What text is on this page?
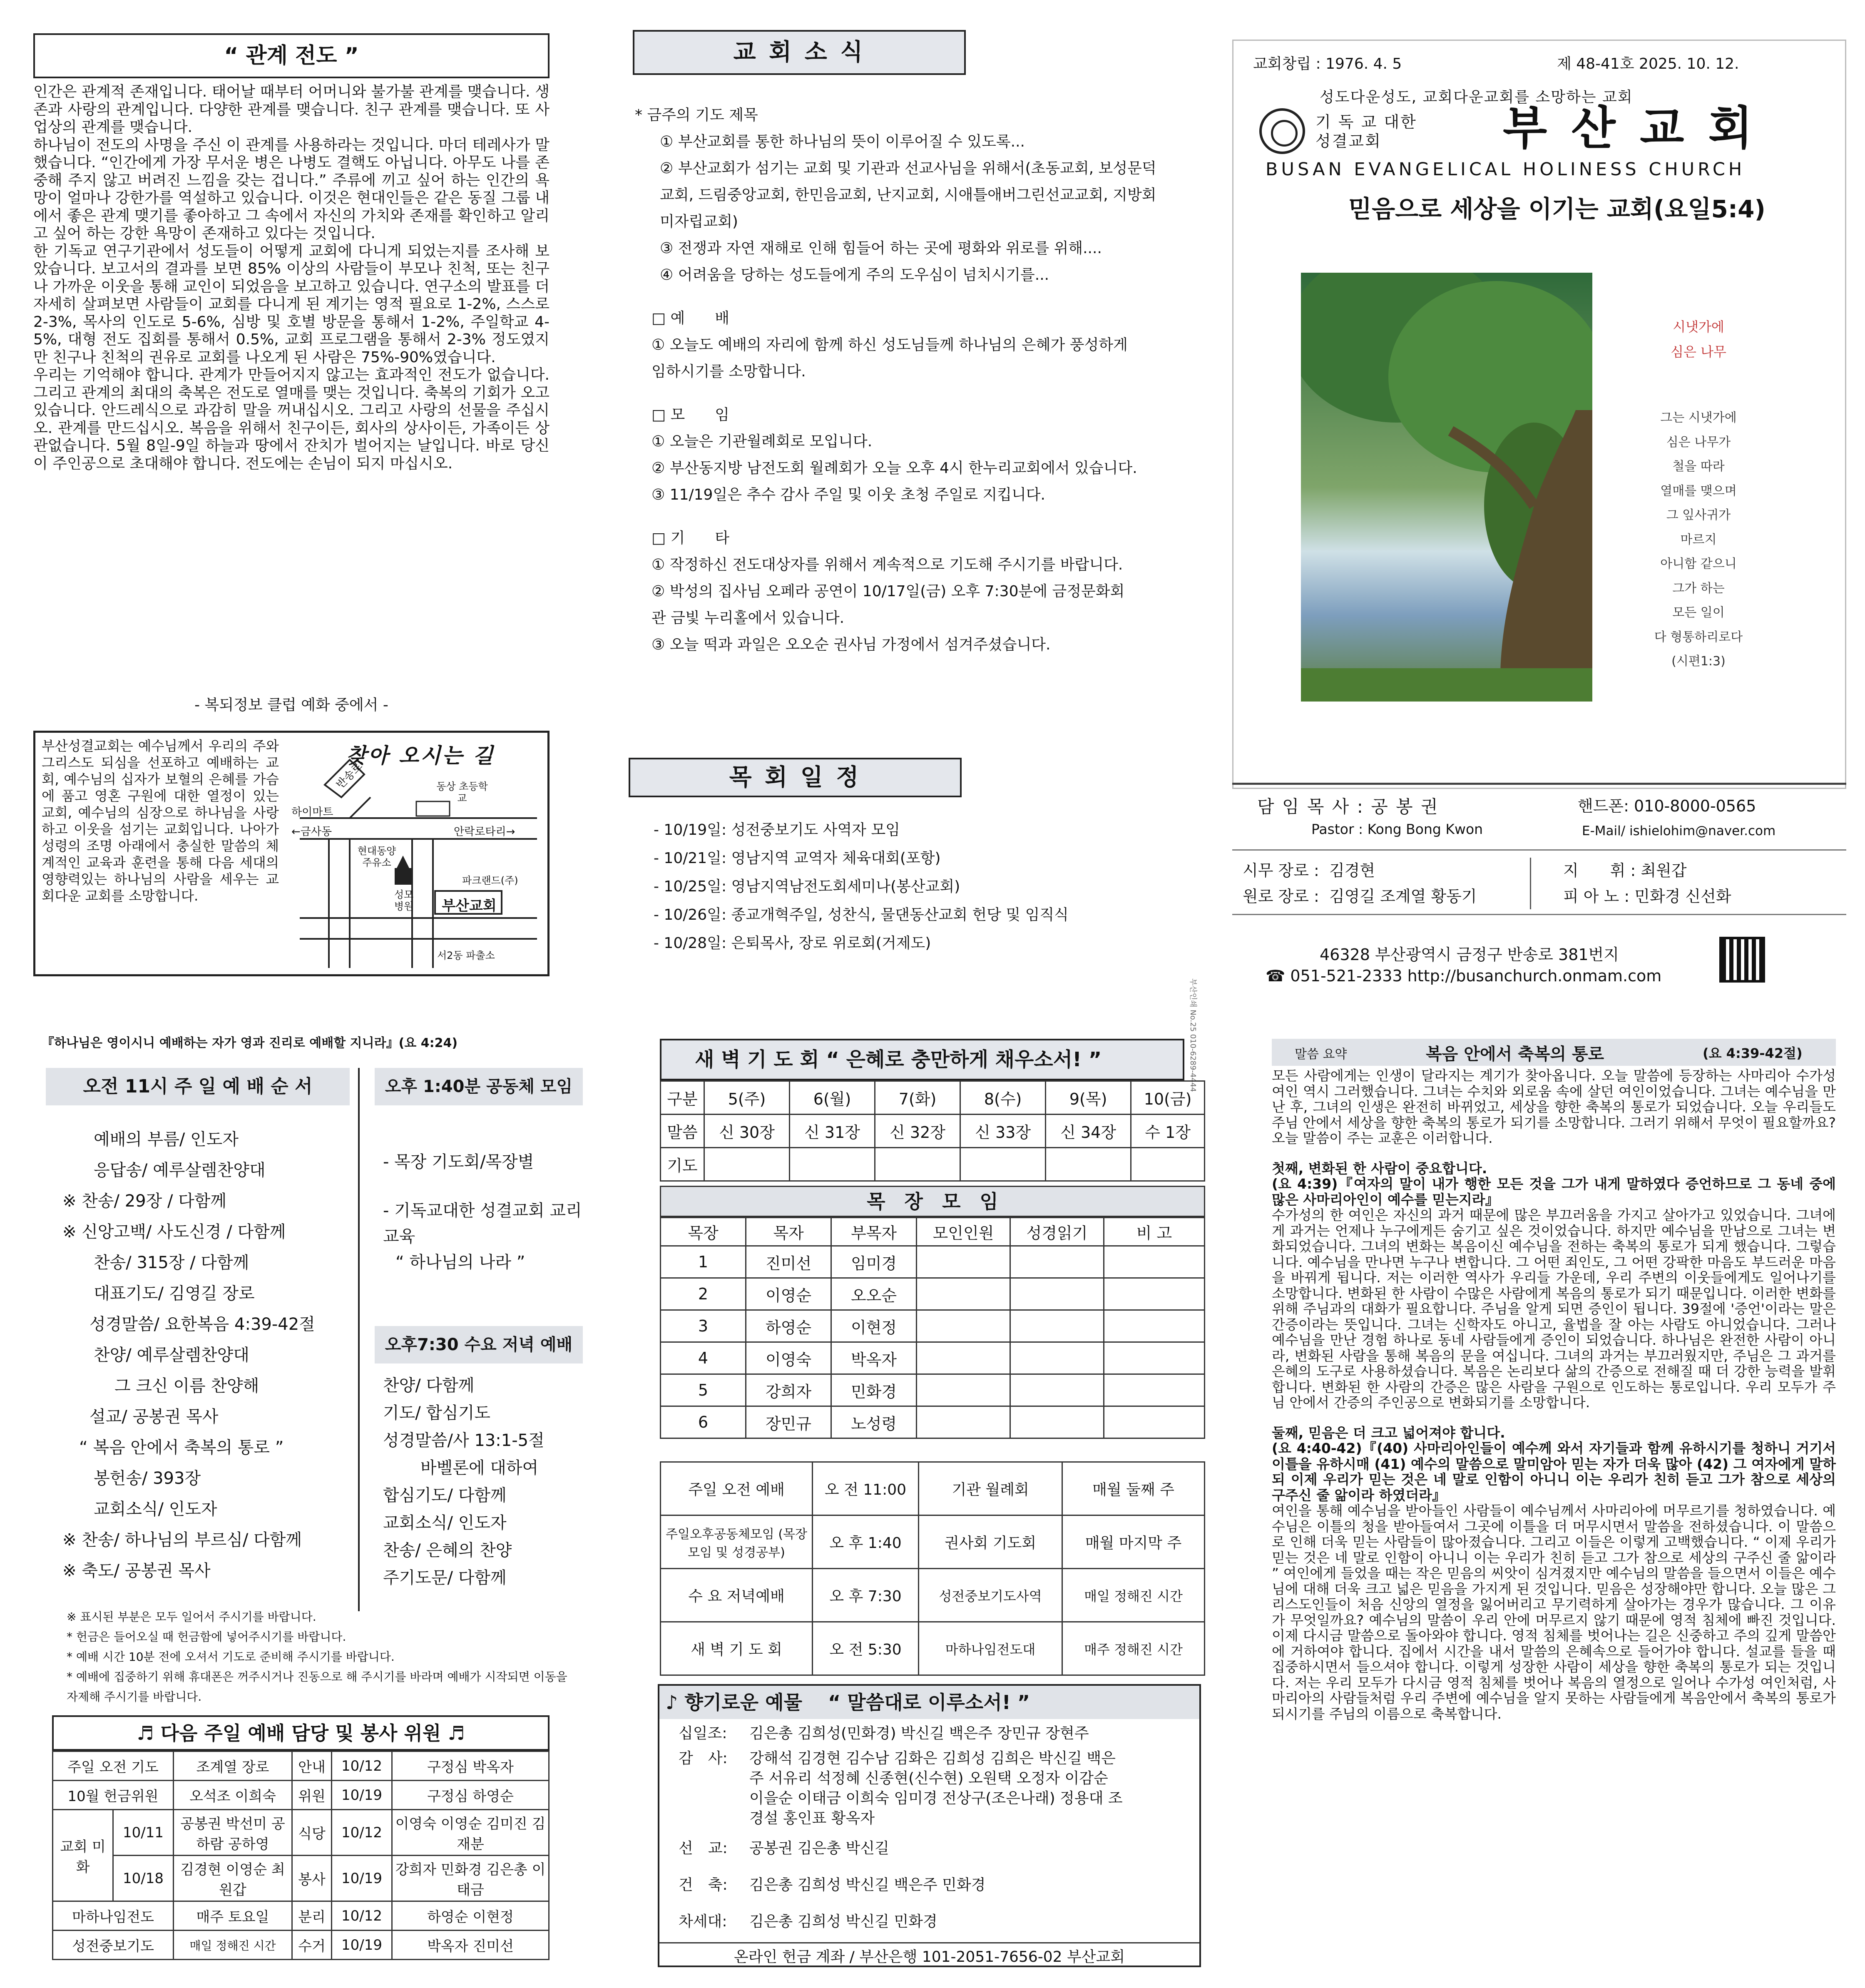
“ 관계 전도 ”

인간은 관계적 존재입니다. 태어날 때부터 어머니와 불가불 관계를 맺습니다. 생존과 사랑의 관계입니다. 다양한 관계를 맺습니다. 친구 관계를 맺습니다. 또 사업상의 관계를 맺습니다.

하나님이 전도의 사명을 주신 이 관계를 사용하라는 것입니다. 마더 테레사가 말했습니다. “인간에게 가장 무서운 병은 나병도 결핵도 아닙니다. 아무도 나를 존중해 주지 않고 버려진 느낌을 갖는 겁니다.” 주류에 끼고 싶어 하는 인간의 욕망이 얼마나 강한가를 역설하고 있습니다. 이것은 현대인들은 같은 동질 그룹 내에서 좋은 관계 맺기를 좋아하고 그 속에서 자신의 가치와 존재를 확인하고 알리고 싶어 하는 강한 욕망이 존재하고 있다는 것입니다.

한 기독교 연구기관에서 성도들이 어떻게 교회에 다니게 되었는지를 조사해 보았습니다. 보고서의 결과를 보면 85% 이상의 사람들이 부모나 친척, 또는 친구나 가까운 이웃을 통해 교인이 되었음을 보고하고 있습니다. 연구소의 발표를 더 자세히 살펴보면 사람들이 교회를 다니게 된 계기는 영적 필요로 1-2%, 스스로 2-3%, 목사의 인도로 5-6%, 심방 및 호별 방문을 통해서 1-2%, 주일학교 4-5%, 대형 전도 집회를 통해서 0.5%, 교회 프로그램을 통해서 2-3% 정도였지만 친구나 친척의 권유로 교회를 나오게 된 사람은 75%-90%였습니다.

우리는 기억해야 합니다. 관계가 만들어지지 않고는 효과적인 전도가 없습니다. 그리고 관계의 최대의 축복은 전도로 열매를 맺는 것입니다. 축복의 기회가 오고 있습니다. 안드레식으로 과감히 말을 꺼내십시오. 그리고 사랑의 선물을 주십시오. 관계를 만드십시오. 복음을 위해서 친구이든, 회사의 상사이든, 가족이든 상관없습니다. 5월 8일-9일 하늘과 땅에서 잔치가 벌어지는 날입니다. 바로 당신이 주인공으로 초대해야 합니다. 전도에는 손님이 되지 마십시오.

- 복되정보 클럽 예화 중에서 -
부산성결교회는 예수님께서 우리의 주와 그리스도 되심을 선포하고 예배하는 교회, 예수님의 십자가 보혈의 은혜를 가슴에 품고 영혼 구원에 대한 열정이 있는 교회, 예수님의 심장으로 하나님을 사랑하고 이웃을 섬기는 교회입니다. 나아가 성령의 조명 아래에서 충실한 말씀의 체계적인 교육과 훈련을 통해 다음 세대의 영향력있는 하나님의 사람을 세우는 교회다운 교회를 소망합니다.
찾아 오시는 길
반송로
하이마트
←금사동
동상 초등학교
안락로타리→
현대동양 주유소
성모 병원
파크랜드(주)
부산교회
서2동 파출소
교 회 소 식
* 금주의 기도 제목
① 부산교회를 통한 하나님의 뜻이 이루어질 수 있도록...
② 부산교회가 섬기는 교회 및 기관과 선교사님을 위해서(초동교회, 보성문덕교회, 드림중앙교회, 한민음교회, 난지교회, 시애틀애버그린선교교회, 지방회 미자립교회)
③ 전쟁과 자연 재해로 인해 힘들어 하는 곳에 평화와 위로를 위해....
④ 어려움을 당하는 성도들에게 주의 도우심이 넘치시기를...
□ 예　　배
① 오늘도 예배의 자리에 함께 하신 성도님들께 하나님의 은혜가 풍성하게 임하시기를 소망합니다.
□ 모　　임
① 오늘은 기관월례회로 모입니다.
② 부산동지방 남전도회 월례회가 오늘 오후 4시 한누리교회에서 있습니다.
③ 11/19일은 추수 감사 주일 및 이웃 초청 주일로 지킵니다.
□ 기　　타
① 작정하신 전도대상자를 위해서 계속적으로 기도해 주시기를 바랍니다.
② 박성의 집사님 오페라 공연이 10/17일(금) 오후 7:30분에 금정문화회관 금빛 누리홀에서 있습니다.
③ 오늘 떡과 과일은 오오순 권사님 가정에서 섬겨주셨습니다.
목 회 일 정
- 10/19일: 성전중보기도 사역자 모임
- 10/21일: 영남지역 교역자 체육대회(포항)
- 10/25일: 영남지역남전도회세미나(봉산교회)
- 10/26일: 종교개혁주일, 성찬식, 물댄동산교회 헌당 및 임직식
- 10/28일: 은퇴목사, 장로 위로회(거제도)
교회창립 : 1976. 4. 5	제 48-41호 2025. 10. 12.
성도다운성도, 교회다운교회를 소망하는 교회
기 독 교 대한성결교회	부 산 교 회
BUSAN EVANGELICAL HOLINESS CHURCH
믿음으로 세상을 이기는 교회(요일5:4)
시냇가에
심은 나무
그는 시냇가에
심은 나무가
철을 따라
열매를 맺으며
그 잎사귀가
마르지
아니함 같으니
그가 하는
모든 일이
다 형통하리로다
(시편1:3)
담 임 목 사 : 공 봉 권	핸드폰: 010-8000-0565
Pastor : Kong Bong Kwon	E-Mail/ ishielohim@naver.com
시무 장로 : 김경현
원로 장로 : 김영길 조계열 황동기
지　　휘 : 최원갑
피 아 노 : 민화경 신선화
46328 부산광역시 금정구 반송로 381번지
☎ 051-521-2333 http://busanchurch.onmam.com
부산인쇄 No.25 010-6289-4444
『하나님은 영이시니 예배하는 자가 영과 진리로 예배할 지니라』(요 4:24)
오전 11시 주 일 예 배 순 서
예배의 부름/ 인도자
응답송/ 예루살렘찬양대
※ 찬송/ 29장 / 다함께
※ 신앙고백/ 사도신경 / 다함께
찬송/ 315장 / 다함께
대표기도/ 김영길 장로
성경말씀/ 요한복음 4:39-42절
찬양/ 예루살렘찬양대
그 크신 이름 찬양해
설교/ 공봉권 목사
“ 복음 안에서 축복의 통로 ”
봉헌송/ 393장
교회소식/ 인도자
※ 찬송/ 하나님의 부르심/ 다함께
※ 축도/ 공봉권 목사
오후 1:40분 공동체 모임
- 목장 기도회/목장별
- 기독교대한 성결교회 교리 교육
“ 하나님의 나라 ”
오후7:30 수요 저녁 예배
찬양/ 다함께
기도/ 합심기도
성경말씀/사 13:1-5절
바벨론에 대하여
합심기도/ 다함께
교회소식/ 인도자
찬송/ 은혜의 찬양
주기도문/ 다함께
※ 표시된 부분은 모두 일어서 주시기를 바랍니다.
* 헌금은 들어오실 때 헌금함에 넣어주시기를 바랍니다.
* 예배 시간 10분 전에 오셔서 기도로 준비해 주시기를 바랍니다.
* 예배에 집중하기 위해 휴대폰은 꺼주시거나 진동으로 해 주시기를 바라며 예배가 시작되면 이동을 자제해 주시기를 바랍니다.
♬ 다음 주일 예배 담당 및 봉사 위원 ♬
주일 오전 기도		조계열 장로	안내	10/12	구정심 박옥자
10월 헌금위원		오석조 이희숙	위원	10/19	구정심 하영순
교회 미화	10/11	공봉권 박선미 공하람 공하영	식당	10/12	이영숙 이영순 김미진 김재분
	10/18	김경현 이영순 최원갑	봉사	10/19	강희자 민화경 김은총 이태금
마하나임전도		매주 토요일	분리	10/12	하영순 이현정
성전중보기도		매일 정해진 시간	수거	10/19	박옥자 진미선
새 벽 기 도 회 “ 은혜로 충만하게 채우소서! ”
구분	5(주)	6(월)	7(화)	8(수)	9(목)	10(금)
말씀	신 30장	신 31장	신 32장	신 33장	신 34장	수 1장
기도						
목　장　모　임
목장	목자	부목자	모인인원	성경읽기	비 고
1	진미선	임미경			
2	이영순	오오순			
3	하영순	이현정			
4	이영숙	박옥자			
5	강희자	민화경			
6	장민규	노성령			
주일 오전 예배	오 전 11:00	기관 월례회	매월 둘째 주
주일오후공동체모임 (목장모임 및 성경공부)	오 후 1:40	권사회 기도회	매월 마지막 주
수 요 저녁예배	오 후 7:30	성전중보기도사역	매일 정해진 시간
새 벽 기 도 회	오 전 5:30	마하나임전도대	매주 정해진 시간
♪ 향기로운 예물　 “ 말씀대로 이루소서! ”
십일조:	김은총 김희성(민화경) 박신길 백은주 장민규 장현주
감　사:	강해석 김경현 김수남 김화은 김희성 김희은 박신길 백은주 서유리 석정혜 신종현(신수현) 오원택 오정자 이감순 이을순 이태금 이희숙 임미경 전상구(조은나래) 정용대 조경설 홍인표 황옥자
선　교:	공봉권 김은총 박신길
건　축:	김은총 김희성 박신길 백은주 민화경
차세대:	김은총 김희성 박신길 민화경
온라인 헌금 계좌 / 부산은행 101-2051-7656-02 부산교회
말씀 요약	복음 안에서 축복의 통로	(요 4:39-42절)

모든 사람에게는 인생이 달라지는 계기가 찾아옵니다. 오늘 말씀에 등장하는 사마리아 수가성 여인 역시 그러했습니다. 그녀는 수치와 외로움 속에 살던 여인이었습니다. 그녀는 예수님을 만난 후, 그녀의 인생은 완전히 바뀌었고, 세상을 향한 축복의 통로가 되었습니다. 오늘 우리들도 주님 안에서 세상을 향한 축복의 통로가 되기를 소망합니다. 그러기 위해서 무엇이 필요할까요? 오늘 말씀이 주는 교훈은 이러합니다.

첫째, 변화된 한 사람이 중요합니다.

(요 4:39)『여자의 말이 내가 행한 모든 것을 그가 내게 말하였다 증언하므로 그 동네 중에 많은 사마리아인이 예수를 믿는지라』

수가성의 한 여인은 자신의 과거 때문에 많은 부끄러움을 가지고 살아가고 있었습니다. 그녀에게 과거는 언제나 누구에게든 숨기고 싶은 것이었습니다. 하지만 예수님을 만남으로 그녀는 변화되었습니다. 그녀의 변화는 복음이신 예수님을 전하는 축복의 통로가 되게 했습니다. 그렇습니다. 예수님을 만나면 누구나 변합니다. 그 어떤 죄인도, 그 어떤 강팍한 마음도 부드러운 마음을 바꿔게 됩니다. 저는 이러한 역사가 우리들 가운데, 우리 주변의 이웃들에게도 일어나기를 소망합니다. 변화된 한 사람이 수많은 사람에게 복음의 통로가 되기 때문입니다. 이러한 변화를 위해 주님과의 대화가 필요합니다. 주님을 알게 되면 증인이 됩니다. 39절에 '증언'이라는 말은 간증이라는 뜻입니다. 그녀는 신학자도 아니고, 율법을 잘 아는 사람도 아니었습니다. 그러나 예수님을 만난 경험 하나로 동네 사람들에게 증인이 되었습니다. 하나님은 완전한 사람이 아니라, 변화된 사람을 통해 복음의 문을 여십니다. 그녀의 과거는 부끄러웠지만, 주님은 그 과거를 은혜의 도구로 사용하셨습니다. 복음은 논리보다 삶의 간증으로 전해질 때 더 강한 능력을 발휘합니다. 변화된 한 사람의 간증은 많은 사람을 구원으로 인도하는 통로입니다. 우리 모두가 주님 안에서 간증의 주인공으로 변화되기를 소망합니다.

둘째, 믿음은 더 크고 넓어져야 합니다.

(요 4:40-42)『(40) 사마리아인들이 예수께 와서 자기들과 함께 유하시기를 청하니 거기서 이틀을 유하시매 (41) 예수의 말씀으로 말미암아 믿는 자가 더욱 많아 (42) 그 여자에게 말하되 이제 우리가 믿는 것은 네 말로 인함이 아니니 이는 우리가 친히 듣고 그가 참으로 세상의 구주신 줄 앎이라 하였더라』

여인을 통해 예수님을 받아들인 사람들이 예수님께서 사마리아에 머무르기를 청하였습니다. 예수님은 이틀의 청을 받아들여서 그곳에 이틀을 더 머무시면서 말씀을 전하셨습니다. 이 말씀으로 인해 더욱 믿는 사람들이 많아졌습니다. 그리고 이들은 이렇게 고백했습니다. “ 이제 우리가 믿는 것은 네 말로 인함이 아니니 이는 우리가 친히 듣고 그가 참으로 세상의 구주신 줄 앎이라 ” 여인에게 들었을 때는 작은 믿음의 씨앗이 심겨졌지만 예수님의 말씀을 들으면서 이들은 예수님에 대해 더욱 크고 넓은 믿음을 가지게 된 것입니다. 믿음은 성장해야만 합니다. 오늘 많은 그리스도인들이 처음 신앙의 열정을 잃어버리고 무기력하게 살아가는 경우가 많습니다. 그 이유가 무엇일까요? 예수님의 말씀이 우리 안에 머무르지 않기 때문에 영적 침체에 빠진 것입니다. 이제 다시금 말씀으로 돌아와야 합니다. 영적 침체를 벗어나는 길은 신중하고 주의 깊게 말씀안에 거하여야 합니다. 집에서 시간을 내서 말씀의 은혜속으로 들어가야 합니다. 설교를 들을 때 집중하시면서 들으셔야 합니다. 이렇게 성장한 사람이 세상을 향한 축복의 통로가 되는 것입니다. 저는 우리 모두가 다시금 영적 침체를 벗어나 복음의 열정으로 일어나 수가성 여인처럼, 사마리아의 사람들처럼 우리 주변에 예수님을 알지 못하는 사람들에게 복음안에서 축복의 통로가 되시기를 주님의 이름으로 축복합니다.
